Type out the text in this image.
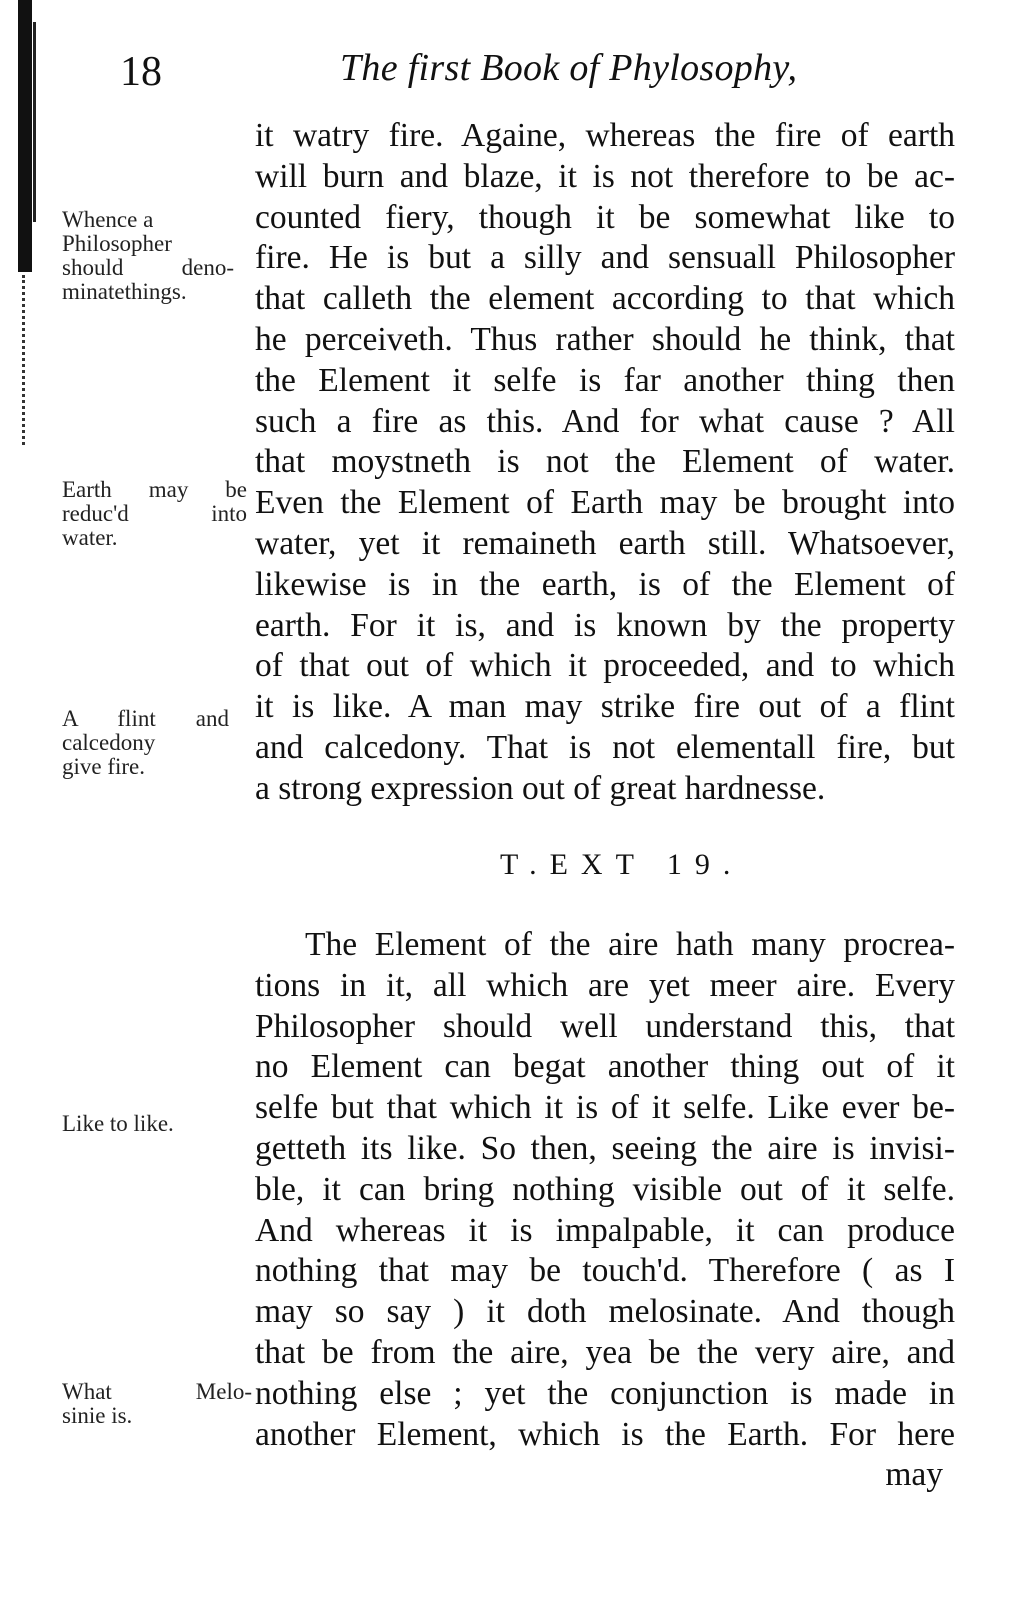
18	The first Book of Phylosophy,
it watry fire. Againe, whereas the fire of earth
will burn and blaze, it is not therefore to be ac-
counted fiery, though it be somewhat like to
fire. He is but a silly and sensuall Philosopher
that calleth the element according to that which
he perceiveth. Thus rather should he think, that
the Element it selfe is far another thing then
such a fire as this. And for what cause ? All
that moystneth is not the Element of water.
Even the Element of Earth may be brought into
water, yet it remaineth earth still. Whatsoever,
likewise is in the earth, is of the Element of
earth. For it is, and is known by the property
of that out of which it proceeded, and to which
it is like. A man may strike fire out of a flint
and calcedony. That is not elementall fire, but
a strong expression out of great hardnesse.
T.EXT 19.
The Element of the aire hath many procrea-
tions in it, all which are yet meer aire. Every
Philosopher should well understand this, that
no Element can begat another thing out of it
selfe but that which it is of it selfe. Like ever be-
getteth its like. So then, seeing the aire is invisi-
ble, it can bring nothing visible out of it selfe.
And whereas it is impalpable, it can produce
nothing that may be touch'd. Therefore ( as I
may so say ) it doth melosinate. And though
that be from the aire, yea be the very aire, and
nothing else ; yet the conjunction is made in
another Element, which is the Earth. For here
may
Whence a
Philosopher
should deno-
minatethings.
Earth may be
reduc'd into
water.
A flint and
calcedony
give fire.
Like to like.
What Melo-
sinie is.
